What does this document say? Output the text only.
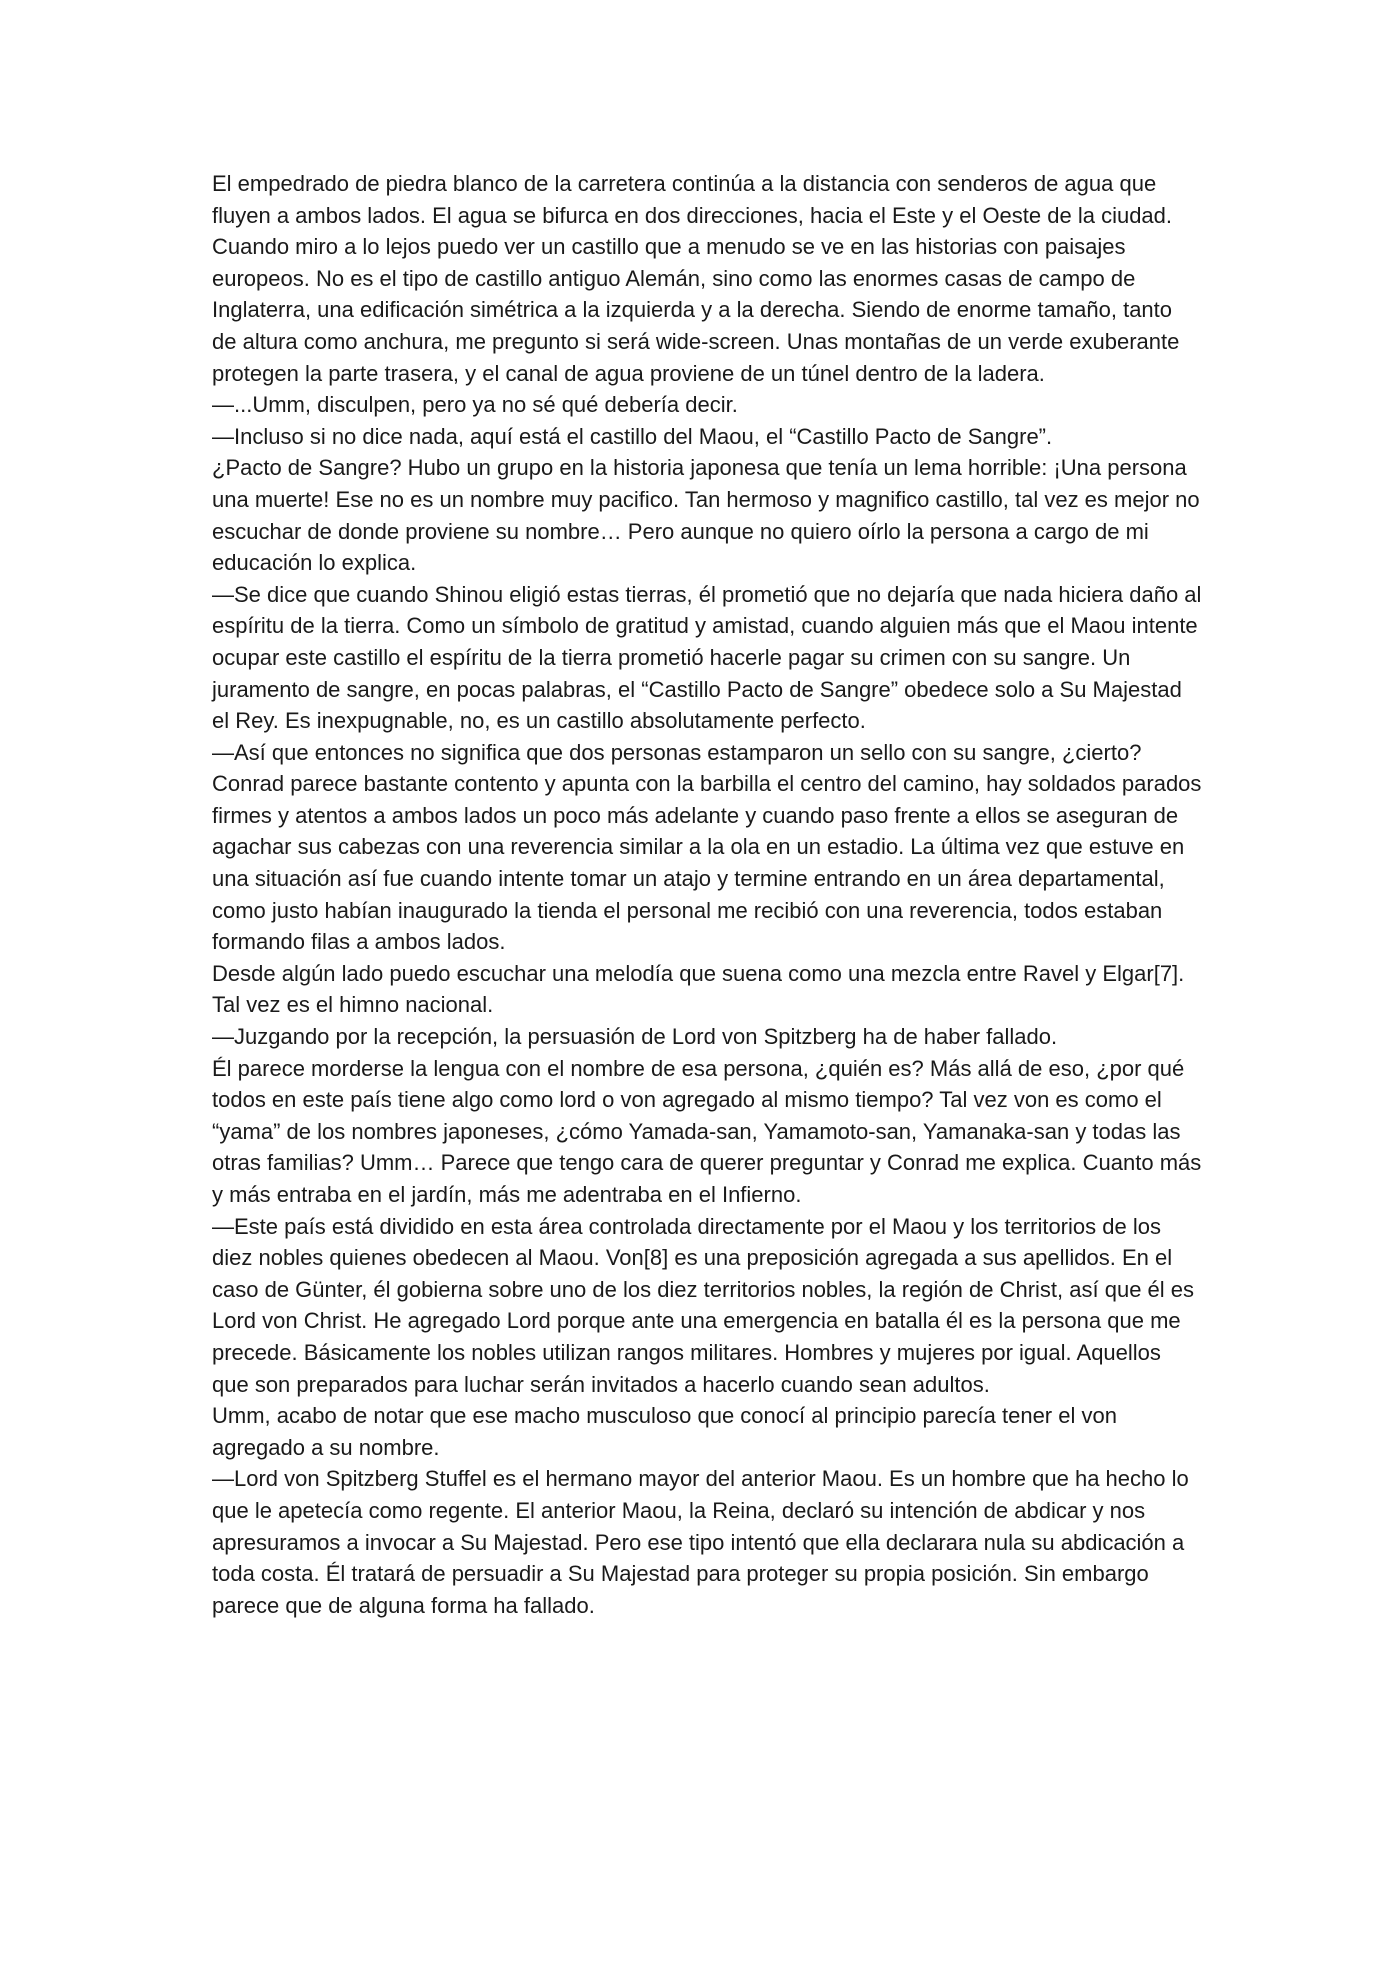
El empedrado de piedra blanco de la carretera continúa a la distancia con senderos de agua que fluyen a ambos lados. El agua se bifurca en dos direcciones, hacia el Este y el Oeste de la ciudad. Cuando miro a lo lejos puedo ver un castillo que a menudo se ve en las historias con paisajes europeos. No es el tipo de castillo antiguo Alemán, sino como las enormes casas de campo de Inglaterra, una edificación simétrica a la izquierda y a la derecha. Siendo de enorme tamaño, tanto de altura como anchura, me pregunto si será wide-screen. Unas montañas de un verde exuberante protegen la parte trasera, y el canal de agua proviene de un túnel dentro de la ladera.

—...Umm, disculpen, pero ya no sé qué debería decir.

—Incluso si no dice nada, aquí está el castillo del Maou, el “Castillo Pacto de Sangre”.

¿Pacto de Sangre? Hubo un grupo en la historia japonesa que tenía un lema horrible: ¡Una persona una muerte! Ese no es un nombre muy pacifico. Tan hermoso y magnifico castillo, tal vez es mejor no escuchar de donde proviene su nombre… Pero aunque no quiero oírlo la persona a cargo de mi educación lo explica.

—Se dice que cuando Shinou eligió estas tierras, él prometió que no dejaría que nada hiciera daño al espíritu de la tierra. Como un símbolo de gratitud y amistad, cuando alguien más que el Maou intente ocupar este castillo el espíritu de la tierra prometió hacerle pagar su crimen con su sangre. Un juramento de sangre, en pocas palabras, el “Castillo Pacto de Sangre” obedece solo a Su Majestad el Rey. Es inexpugnable, no, es un castillo absolutamente perfecto.

—Así que entonces no significa que dos personas estamparon un sello con su sangre, ¿cierto?

Conrad parece bastante contento y apunta con la barbilla el centro del camino, hay soldados parados firmes y atentos a ambos lados un poco más adelante y cuando paso frente a ellos se aseguran de agachar sus cabezas con una reverencia similar a la ola en un estadio. La última vez que estuve en una situación así fue cuando intente tomar un atajo y termine entrando en un área departamental, como justo habían inaugurado la tienda el personal me recibió con una reverencia, todos estaban formando filas a ambos lados.

Desde algún lado puedo escuchar una melodía que suena como una mezcla entre Ravel y Elgar[7]. Tal vez es el himno nacional.

—Juzgando por la recepción, la persuasión de Lord von Spitzberg ha de haber fallado.

Él parece morderse la lengua con el nombre de esa persona, ¿quién es? Más allá de eso, ¿por qué todos en este país tiene algo como lord o von agregado al mismo tiempo? Tal vez von es como el “yama” de los nombres japoneses, ¿cómo Yamada-san, Yamamoto-san, Yamanaka-san y todas las otras familias? Umm… Parece que tengo cara de querer preguntar y Conrad me explica. Cuanto más y más entraba en el jardín, más me adentraba en el Infierno.

—Este país está dividido en esta área controlada directamente por el Maou y los territorios de los diez nobles quienes obedecen al Maou. Von[8] es una preposición agregada a sus apellidos. En el caso de Günter, él gobierna sobre uno de los diez territorios nobles, la región de Christ, así que él es Lord von Christ. He agregado Lord porque ante una emergencia en batalla él es la persona que me precede. Básicamente los nobles utilizan rangos militares. Hombres y mujeres por igual. Aquellos que son preparados para luchar serán invitados a hacerlo cuando sean adultos.

Umm, acabo de notar que ese macho musculoso que conocí al principio parecía tener el von agregado a su nombre.

—Lord von Spitzberg Stuffel es el hermano mayor del anterior Maou. Es un hombre que ha hecho lo que le apetecía como regente. El anterior Maou, la Reina, declaró su intención de abdicar y nos apresuramos a invocar a Su Majestad. Pero ese tipo intentó que ella declarara nula su abdicación a toda costa. Él tratará de persuadir a Su Majestad para proteger su propia posición. Sin embargo parece que de alguna forma ha fallado.
